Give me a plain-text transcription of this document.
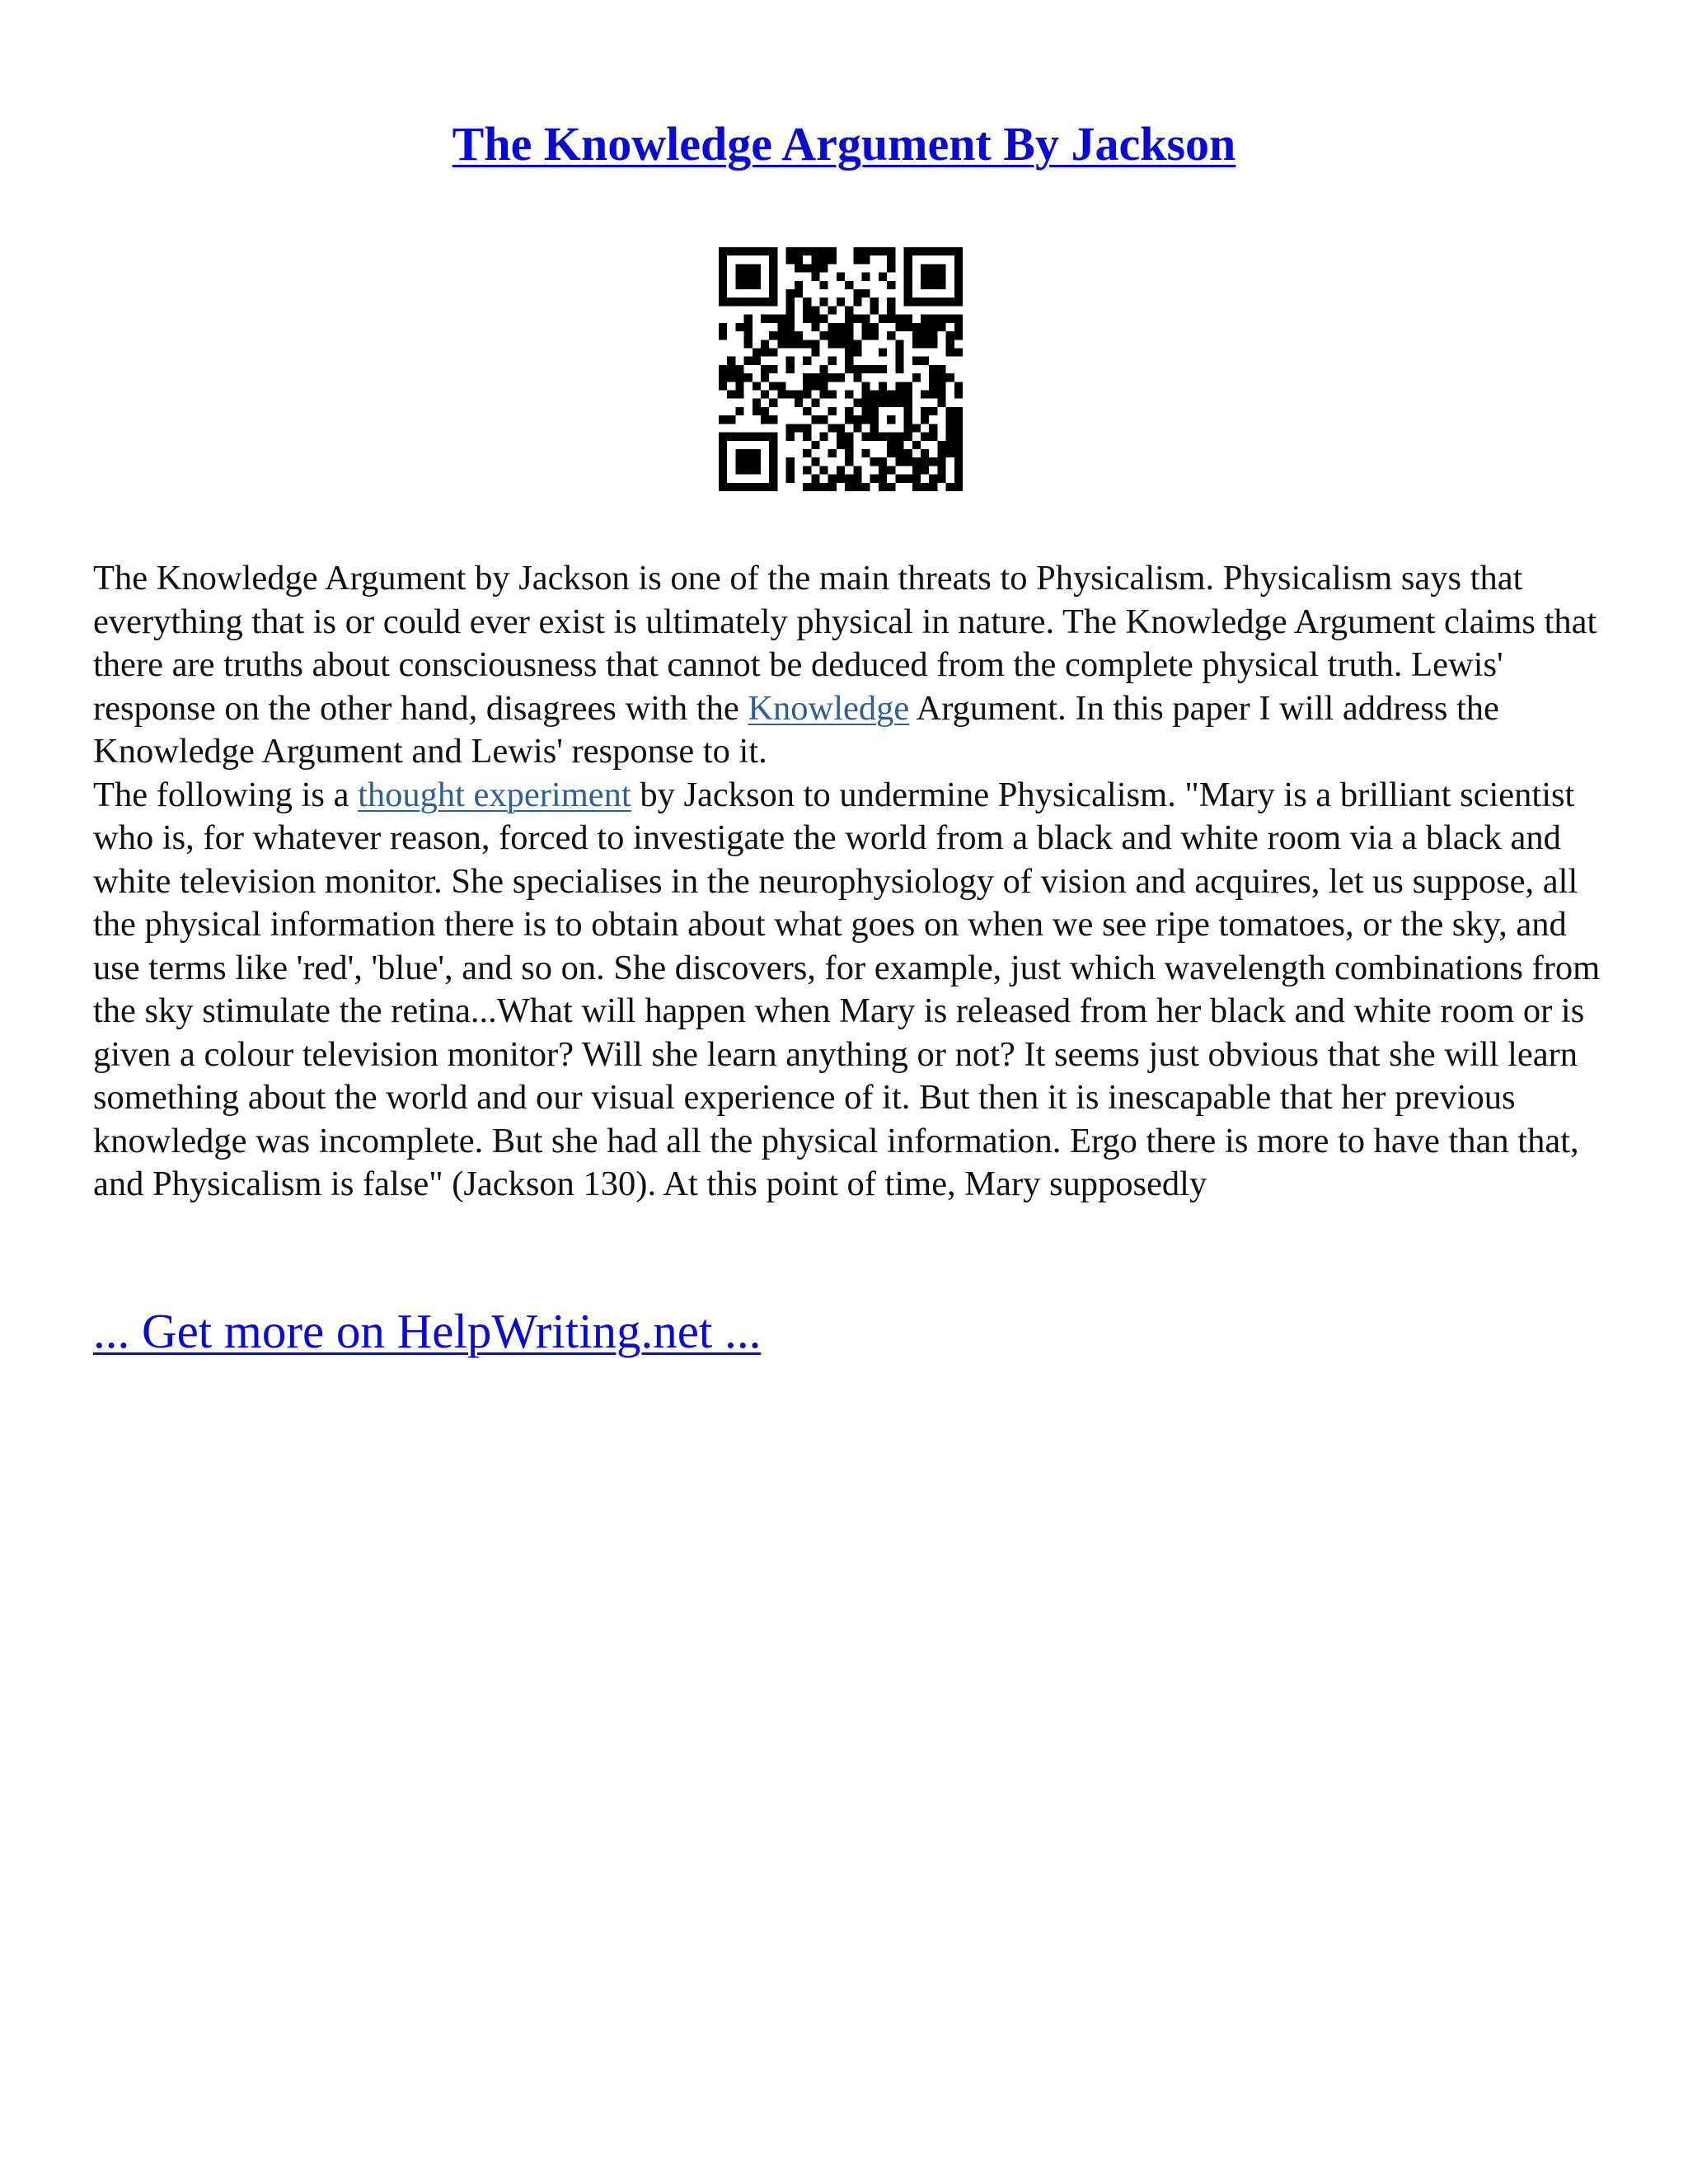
The Knowledge Argument By Jackson

The Knowledge Argument by Jackson is one of the main threats to Physicalism. Physicalism says that everything that is or could ever exist is ultimately physical in nature. The Knowledge Argument claims that there are truths about consciousness that cannot be deduced from the complete physical truth. Lewis' response on the other hand, disagrees with the Knowledge Argument. In this paper I will address the Knowledge Argument and Lewis' response to it.

The following is a thought experiment by Jackson to undermine Physicalism. "Mary is a brilliant scientist who is, for whatever reason, forced to investigate the world from a black and white room via a black and white television monitor. She specialises in the neurophysiology of vision and acquires, let us suppose, all the physical information there is to obtain about what goes on when we see ripe tomatoes, or the sky, and use terms like 'red', 'blue', and so on. She discovers, for example, just which wavelength combinations from the sky stimulate the retina...What will happen when Mary is released from her black and white room or is given a colour television monitor? Will she learn anything or not? It seems just obvious that she will learn something about the world and our visual experience of it. But then it is inescapable that her previous knowledge was incomplete. But she had all the physical information. Ergo there is more to have than that, and Physicalism is false" (Jackson 130). At this point of time, Mary supposedly

... Get more on HelpWriting.net ...
